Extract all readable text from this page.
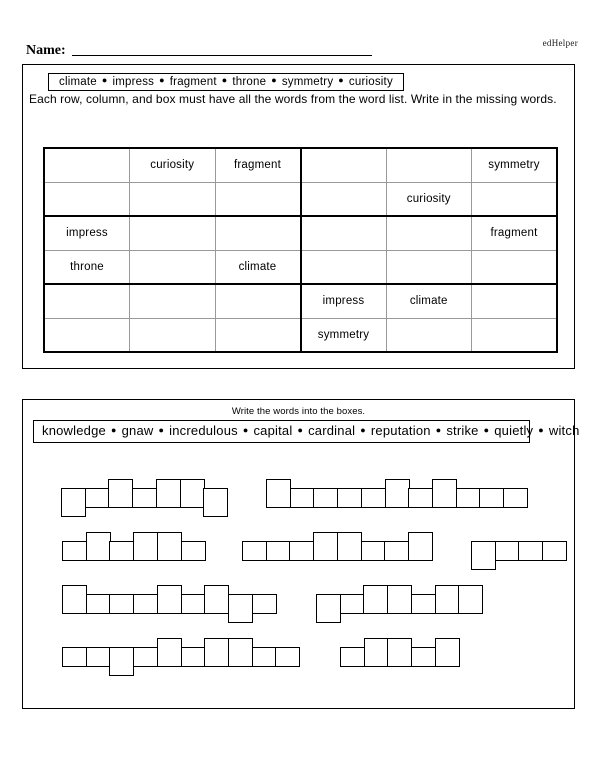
edHelper
Name:
climate ● impress ● fragment ● throne ● symmetry ● curiosity
Each row, column, and box must have all the words from the word list. Write in the missing words.
	curiosity	fragment			symmetry
				curiosity	
impress					fragment
throne		climate			
			impress	climate	
			symmetry		
Write the words into the boxes.
knowledge ● gnaw ● incredulous ● capital ● cardinal ● reputation ● strike ● quietly ● witch
